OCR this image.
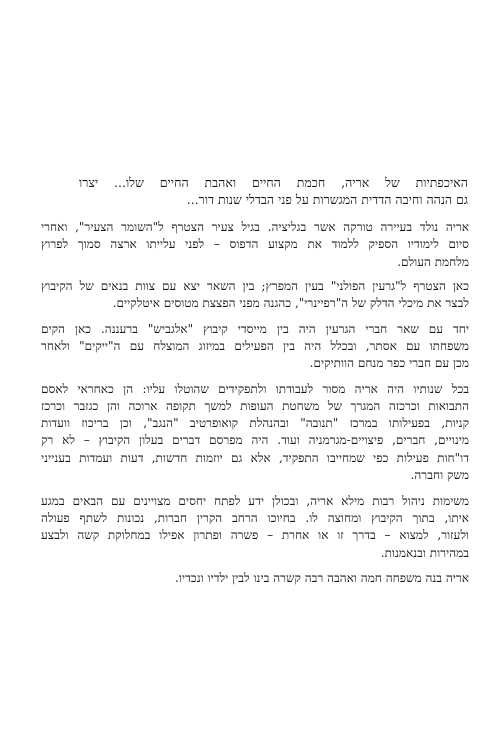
האיכפתיות של אריה, חכמת החיים ואהבת החיים שלו... יצרו
גם הנהה וחיבה הדדית המגשרות על פני הבדלי שנות דור...
אריה נולד בעיירה טורקה אשר בגליציה. בגיל צעיר הצטרף ל"השומר הצעיר", ואחרי
סיום לימודיו הספיק ללמוד את מקצוע הדפוס – לפני עלייתו ארצה סמוך לפרוץ
מלחמת העולם.
כאן הצטרף ל"גרעין הפולני" בעין המפרץ; בין השאר יצא עם צוות בנאים של הקיבוץ
לבצר את מיכלי הדלק של ה"רפיינרי", כהגנה מפני הפצצת מטוסים איטלקיים.
יחד עם שאר חברי הגרעין היה בין מייסדי קיבוץ "אלגביש" ברעננה. כאן הקים
משפחתו עם אסתר, ובכלל היה בין הפעילים במיזוג המוצלח עם ה"ייקים" ולאחר
מכן עם חברי כפר מנחם הוותיקים.
בכל שנותיו היה אריה מסור לעבודתו ולתפקידים שהוטלו עליו: הן כאחראי לאסם
התבואות וכרכזה המגרך של משחטת העופות למשך תקופה ארוכה והן כגזבר וכרכז
קניות, בפעילותו במרכז "תנובה" ובהנהלת קואופרטיב "הנגב", וכן בריכוז וועדות
מינויים, חברים, פיצויים-מגרמניה ועוד. היה מפרסם דברים בעלון הקיבוץ – לא רק
דו"חות פעילות כפי שמחייבו התפקיד, אלא גם יוזמות חדשות, דעות ועמדות בענייני
משק וחברה.
משימות ניהול רבות מילא אריה, ובכולן ידע לפתח יחסים מצויינים עם הבאים במגע
איתו, בתוך הקיבוץ ומחוצה לו. בחיוכו הרחב הקרין חברות, נכונות לשתף פעולה
ולעזור, למצוא – בדרך זו או אחרת – פשרה ופתרון אפילו במחלוקת קשה ולבצע
במהירות ובנאמנות.
אריה בנה משפחה חמה ואהבה רבה קשרה בינו לבין ילדיו ונכדיו.
